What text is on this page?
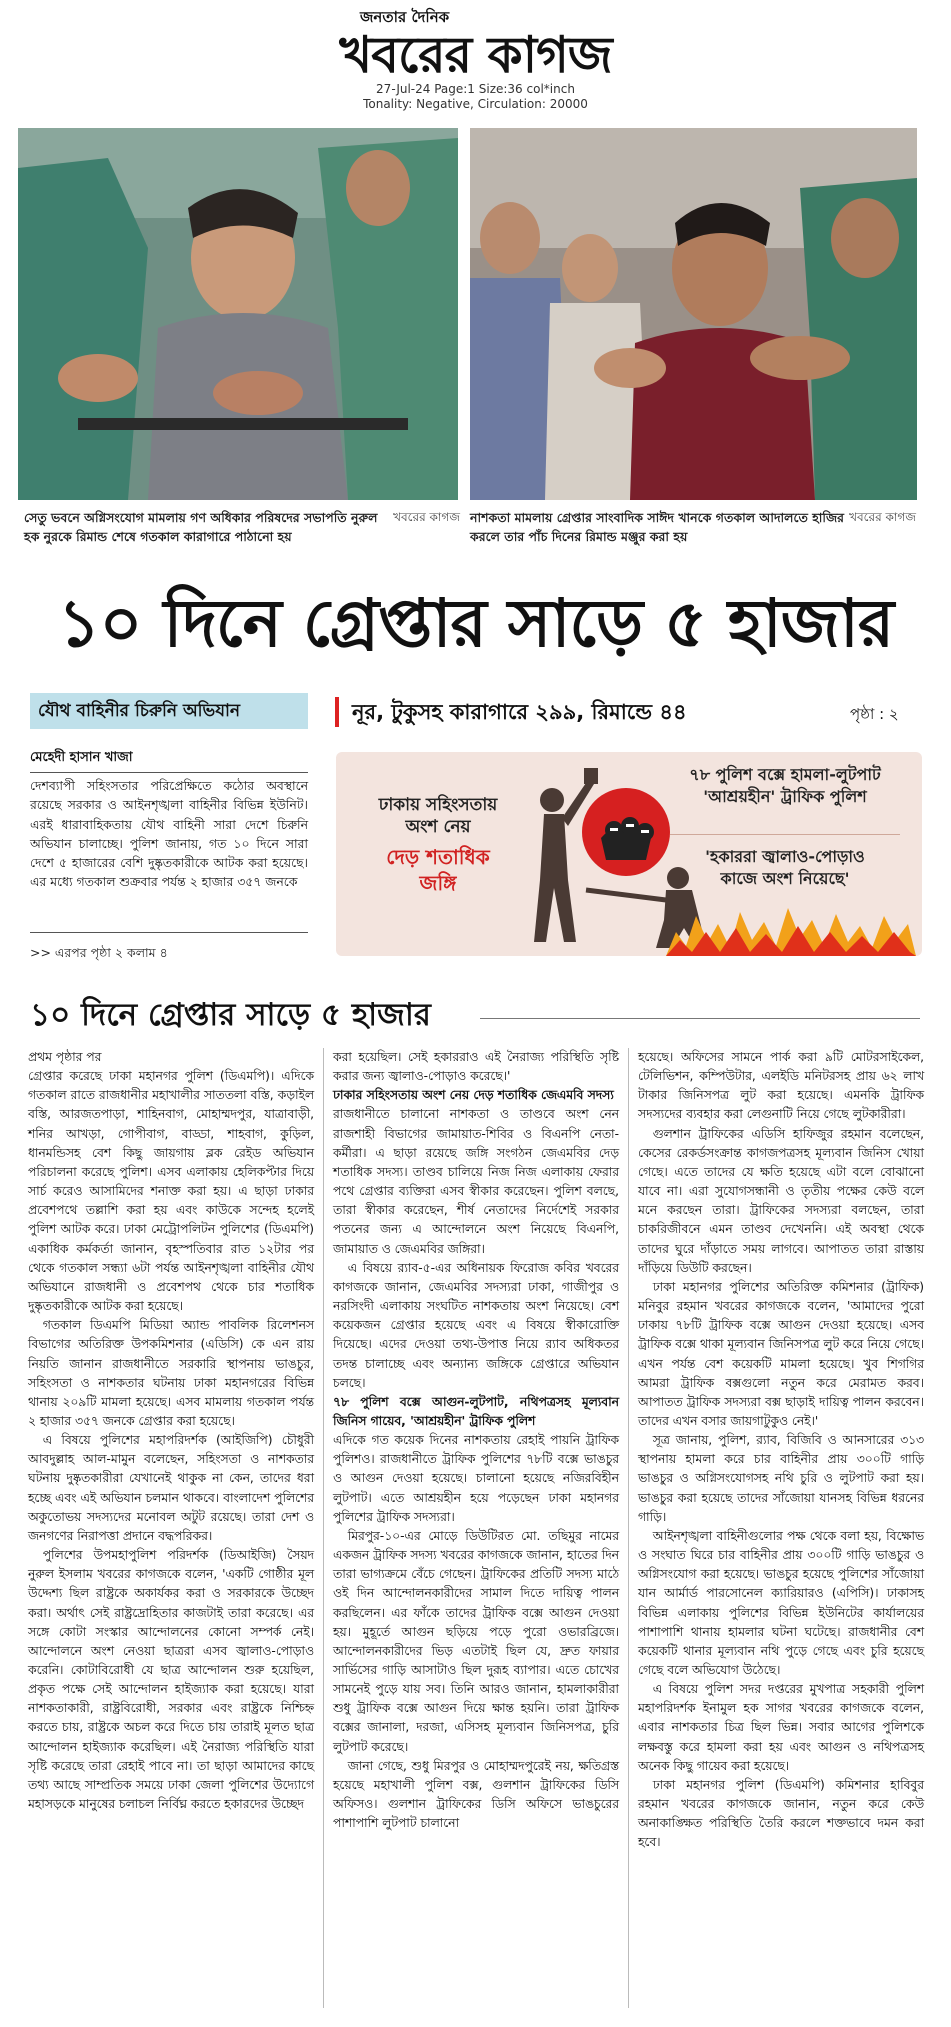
জনতার দৈনিক
খবরের কাগজ
27-Jul-24 Page:1 Size:36 col*inch
Tonality: Negative, Circulation: 20000
খবরের কাগজ
সেতু ভবনে অগ্নিসংযোগ মামলায় গণ অধিকার পরিষদের সভাপতি নুরুল হক নুরকে রিমান্ড শেষে গতকাল কারাগারে পাঠানো হয়
খবরের কাগজ
নাশকতা মামলায় গ্রেপ্তার সাংবাদিক সাঈদ খানকে গতকাল আদালতে হাজির করলে তার পাঁচ দিনের রিমান্ড মঞ্জুর করা হয়
১০ দিনে গ্রেপ্তার সাড়ে ৫ হাজার
যৌথ বাহিনীর চিরুনি অভিযান	নূর, টুকুসহ কারাগারে ২৯৯, রিমান্ডে ৪৪	পৃষ্ঠা : ২
মেহেদী হাসান খাজা
দেশব্যাপী সহিংসতার পরিপ্রেক্ষিতে কঠোর অবস্থানে রয়েছে সরকার ও আইনশৃঙ্খলা বাহিনীর বিভিন্ন ইউনিট। এরই ধারাবাহিকতায় যৌথ বাহিনী সারা দেশে চিরুনি অভিযান চালাচ্ছে। পুলিশ জানায়, গত ১০ দিনে সারা দেশে ৫ হাজারের বেশি দুষ্কৃতকারীকে আটক করা হয়েছে। এর মধ্যে গতকাল শুক্রবার পর্যন্ত ২ হাজার ৩৫৭ জনকে
>> এরপর পৃষ্ঠা ২ কলাম ৪
ঢাকায় সহিংসতায়
অংশ নেয়
দেড় শতাধিক
জঙ্গি
৭৮ পুলিশ বক্সে হামলা-লুটপাট
'আশ্রয়হীন' ট্রাফিক পুলিশ
'হকাররা জ্বালাও-পোড়াও
কাজে অংশ নিয়েছে'
১০ দিনে গ্রেপ্তার সাড়ে ৫ হাজার

প্রথম পৃষ্ঠার পর

গ্রেপ্তার করেছে ঢাকা মহানগর পুলিশ (ডিএমপি)। এদিকে গতকাল রাতে রাজধানীর মহাখালীর সাততলা বস্তি, কড়াইল বস্তি, আরজতপাড়া, শাহিনবাগ, মোহাম্মদপুর, যাত্রাবাড়ী, শনির আখড়া, গোপীবাগ, বাড্ডা, শাহবাগ, কুড়িল, ধানমন্ডিসহ বেশ কিছু জায়গায় ব্লক রেইড অভিযান পরিচালনা করেছে পুলিশ। এসব এলাকায় হেলিকপ্টার দিয়ে সার্চ করেও আসামিদের শনাক্ত করা হয়। এ ছাড়া ঢাকার প্রবেশপথে তল্লাশি করা হয় এবং কাউকে সন্দেহ হলেই পুলিশ আটক করে। ঢাকা মেট্রোপলিটন পুলিশের (ডিএমপি) একাধিক কর্মকর্তা জানান, বৃহস্পতিবার রাত ১২টার পর থেকে গতকাল সন্ধ্যা ৬টা পর্যন্ত আইনশৃঙ্খলা বাহিনীর যৌথ অভিযানে রাজধানী ও প্রবেশপথ থেকে চার শতাধিক দুষ্কৃতকারীকে আটক করা হয়েছে।

গতকাল ডিএমপি মিডিয়া অ্যান্ড পাবলিক রিলেশনস বিভাগের অতিরিক্ত উপকমিশনার (এডিসি) কে এন রায় নিয়তি জানান রাজধানীতে সরকারি স্থাপনায় ভাঙচুর, সহিংসতা ও নাশকতার ঘটনায় ঢাকা মহানগরের বিভিন্ন থানায় ২০৯টি মামলা হয়েছে। এসব মামলায় গতকাল পর্যন্ত ২ হাজার ৩৫৭ জনকে গ্রেপ্তার করা হয়েছে।

এ বিষয়ে পুলিশের মহাপরিদর্শক (আইজিপি) চৌধুরী আবদুল্লাহ আল-মামুন বলেছেন, সহিংসতা ও নাশকতার ঘটনায় দুষ্কৃতকারীরা যেখানেই থাকুক না কেন, তাদের ধরা হচ্ছে এবং এই অভিযান চলমান থাকবে। বাংলাদেশ পুলিশের অকুতোভয় সদস্যদের মনোবল অটুট রয়েছে। তারা দেশ ও জনগণের নিরাপত্তা প্রদানে বদ্ধপরিকর।

পুলিশের উপমহাপুলিশ পরিদর্শক (ডিআইজি) সৈয়দ নুরুল ইসলাম খবরের কাগজকে বলেন, 'একটি গোষ্ঠীর মূল উদ্দেশ্য ছিল রাষ্ট্রকে অকার্যকর করা ও সরকারকে উচ্ছেদ করা। অর্থাৎ সেই রাষ্ট্রদ্রোহিতার কাজটাই তারা করেছে। এর সঙ্গে কোটা সংস্কার আন্দোলনের কোনো সম্পর্ক নেই। আন্দোলনে অংশ নেওয়া ছাত্ররা এসব জ্বালাও-পোড়াও করেনি। কোটাবিরোধী যে ছাত্র আন্দোলন শুরু হয়েছিল, প্রকৃত পক্ষে সেই আন্দোলন হাইজ্যাক করা হয়েছে। যারা নাশকতাকারী, রাষ্ট্রবিরোধী, সরকার এবং রাষ্ট্রকে নিশ্চিহ্ন করতে চায়, রাষ্ট্রকে অচল করে দিতে চায় তারাই মূলত ছাত্র আন্দোলন হাইজ্যাক করেছিল। এই নৈরাজ্য পরিস্থিতি যারা সৃষ্টি করেছে তারা রেহাই পাবে না। তা ছাড়া আমাদের কাছে তথ্য আছে সাম্প্রতিক সময়ে ঢাকা জেলা পুলিশের উদ্যোগে মহাসড়কে মানুষের চলাচল নির্বিঘ্ন করতে হকারদের উচ্ছেদ

করা হয়েছিল। সেই হকাররাও এই নৈরাজ্য পরিস্থিতি সৃষ্টি করার জন্য জ্বালাও-পোড়াও করেছে।'

ঢাকার সহিংসতায় অংশ নেয় দেড় শতাধিক জেএমবি সদস্য

রাজধানীতে চালানো নাশকতা ও তাণ্ডবে অংশ নেন রাজশাহী বিভাগের জামায়াত-শিবির ও বিএনপি নেতা-কর্মীরা। এ ছাড়া রয়েছে জঙ্গি সংগঠন জেএমবির দেড় শতাধিক সদস্য। তাণ্ডব চালিয়ে নিজ নিজ এলাকায় ফেরার পথে গ্রেপ্তার ব্যক্তিরা এসব স্বীকার করেছেন। পুলিশ বলছে, তারা স্বীকার করেছেন, শীর্ষ নেতাদের নির্দেশেই সরকার পতনের জন্য এ আন্দোলনে অংশ নিয়েছে বিএনপি, জামায়াত ও জেএমবির জঙ্গিরা।

এ বিষয়ে র‌্যাব-৫-এর অধিনায়ক ফিরোজ কবির খবরের কাগজকে জানান, জেএমবির সদস্যরা ঢাকা, গাজীপুর ও নরসিংদী এলাকায় সংঘটিত নাশকতায় অংশ নিয়েছে। বেশ কয়েকজন গ্রেপ্তার হয়েছে এবং এ বিষয়ে স্বীকারোক্তি দিয়েছে। এদের দেওয়া তথ্য-উপাত্ত নিয়ে র‌্যাব অধিকতর তদন্ত চালাচ্ছে এবং অন্যান্য জঙ্গিকে গ্রেপ্তারে অভিযান চলছে।

৭৮ পুলিশ বক্সে আগুন-লুটপাট, নথিপত্রসহ মূল্যবান জিনিস গায়েব, 'আশ্রয়হীন' ট্রাফিক পুলিশ

এদিকে গত কয়েক দিনের নাশকতায় রেহাই পায়নি ট্রাফিক পুলিশও। রাজধানীতে ট্রাফিক পুলিশের ৭৮টি বক্সে ভাঙচুর ও আগুন দেওয়া হয়েছে। চালানো হয়েছে নজিরবিহীন লুটপাট। এতে আশ্রয়হীন হয়ে পড়েছেন ঢাকা মহানগর পুলিশের ট্রাফিক সদস্যরা।

মিরপুর-১০-এর মোড়ে ডিউটিরত মো. তছিমুর নামের একজন ট্রাফিক সদস্য খবরের কাগজকে জানান, হাতের দিন তারা ভাগ্যক্রমে বেঁচে গেছেন। ট্রাফিকের প্রতিটি সদস্য মাঠে ওই দিন আন্দোলনকারীদের সামাল দিতে দায়িত্ব পালন করছিলেন। এর ফাঁকে তাদের ট্রাফিক বক্সে আগুন দেওয়া হয়। মুহূর্তে আগুন ছড়িয়ে পড়ে পুরো ওভারব্রিজে। আন্দোলনকারীদের ভিড় এতটাই ছিল যে, দ্রুত ফায়ার সার্ভিসের গাড়ি আসাটাও ছিল দুরূহ ব্যাপার। এতে চোখের সামনেই পুড়ে যায় সব। তিনি আরও জানান, হামলাকারীরা শুধু ট্রাফিক বক্সে আগুন দিয়ে ক্ষান্ত হয়নি। তারা ট্রাফিক বক্সের জানালা, দরজা, এসিসহ মূল্যবান জিনিসপত্র, চুরি লুটপাট করেছে।

জানা গেছে, শুধু মিরপুর ও মোহাম্মদপুরেই নয়, ক্ষতিগ্রস্ত হয়েছে মহাখালী পুলিশ বক্স, গুলশান ট্রাফিকের ডিসি অফিসও। গুলশান ট্রাফিকের ডিসি অফিসে ভাঙচুরের পাশাপাশি লুটপাট চালানো

হয়েছে। অফিসের সামনে পার্ক করা ৯টি মোটরসাইকেল, টেলিভিশন, কম্পিউটার, এলইডি মনিটরসহ প্রায় ৬২ লাখ টাকার জিনিসপত্র লুট করা হয়েছে। এমনকি ট্রাফিক সদস্যদের ব্যবহার করা লেগুনাটি নিয়ে গেছে লুটকারীরা।

গুলশান ট্রাফিকের এডিসি হাফিজুর রহমান বলেছেন, কেসের রেকর্ডসংক্রান্ত কাগজপত্রসহ মূল্যবান জিনিস খোয়া গেছে। এতে তাদের যে ক্ষতি হয়েছে এটা বলে বোঝানো যাবে না। এরা সুযোগসন্ধানী ও তৃতীয় পক্ষের কেউ বলে মনে করছেন তারা। ট্রাফিকের সদস্যরা বলছেন, তারা চাকরিজীবনে এমন তাণ্ডব দেখেননি। এই অবস্থা থেকে তাদের ঘুরে দাঁড়াতে সময় লাগবে। আপাতত তারা রাস্তায় দাঁড়িয়ে ডিউটি করছেন।

ঢাকা মহানগর পুলিশের অতিরিক্ত কমিশনার (ট্রাফিক) মনিবুর রহমান খবরের কাগজকে বলেন, 'আমাদের পুরো ঢাকায় ৭৮টি ট্রাফিক বক্সে আগুন দেওয়া হয়েছে। এসব ট্রাফিক বক্সে থাকা মূল্যবান জিনিসপত্র লুট করে নিয়ে গেছে। এখন পর্যন্ত বেশ কয়েকটি মামলা হয়েছে। খুব শিগগির আমরা ট্রাফিক বক্সগুলো নতুন করে মেরামত করব। আপাতত ট্রাফিক সদস্যরা বক্স ছাড়াই দায়িত্ব পালন করবেন। তাদের এখন বসার জায়গাটুকুও নেই।'

সূত্র জানায়, পুলিশ, র‌্যাব, বিজিবি ও আনসারের ৩১৩ স্থাপনায় হামলা করে চার বাহিনীর প্রায় ৩০০টি গাড়ি ভাঙচুর ও অগ্নিসংযোগসহ নথি চুরি ও লুটপাট করা হয়। ভাঙচুর করা হয়েছে তাদের সাঁজোয়া যানসহ বিভিন্ন ধরনের গাড়ি।

আইনশৃঙ্খলা বাহিনীগুলোর পক্ষ থেকে বলা হয়, বিক্ষোভ ও সংঘাত ঘিরে চার বাহিনীর প্রায় ৩০০টি গাড়ি ভাঙচুর ও অগ্নিসংযোগ করা হয়েছে। ভাঙচুর হয়েছে পুলিশের সাঁজোয়া যান আর্মার্ড পারসোনেল ক্যারিয়ারও (এপিসি)। ঢাকাসহ বিভিন্ন এলাকায় পুলিশের বিভিন্ন ইউনিটের কার্যালয়ের পাশাপাশি থানায় হামলার ঘটনা ঘটেছে। রাজধানীর বেশ কয়েকটি থানার মূল্যবান নথি পুড়ে গেছে এবং চুরি হয়েছে গেছে বলে অভিযোগ উঠেছে।

এ বিষয়ে পুলিশ সদর দপ্তরের মুখপাত্র সহকারী পুলিশ মহাপরিদর্শক ইনামুল হক সাগর খবরের কাগজকে বলেন, এবার নাশকতার চিত্র ছিল ভিন্ন। সবার আগের পুলিশকে লক্ষবস্তু করে হামলা করা হয় এবং আগুন ও নথিপত্রসহ অনেক কিছু গায়েব করা হয়েছে।

ঢাকা মহানগর পুলিশ (ডিএমপি) কমিশনার হাবিবুর রহমান খবরের কাগজকে জানান, নতুন করে কেউ অনাকাঙ্ক্ষিত পরিস্থিতি তৈরি করলে শক্তভাবে দমন করা হবে।
